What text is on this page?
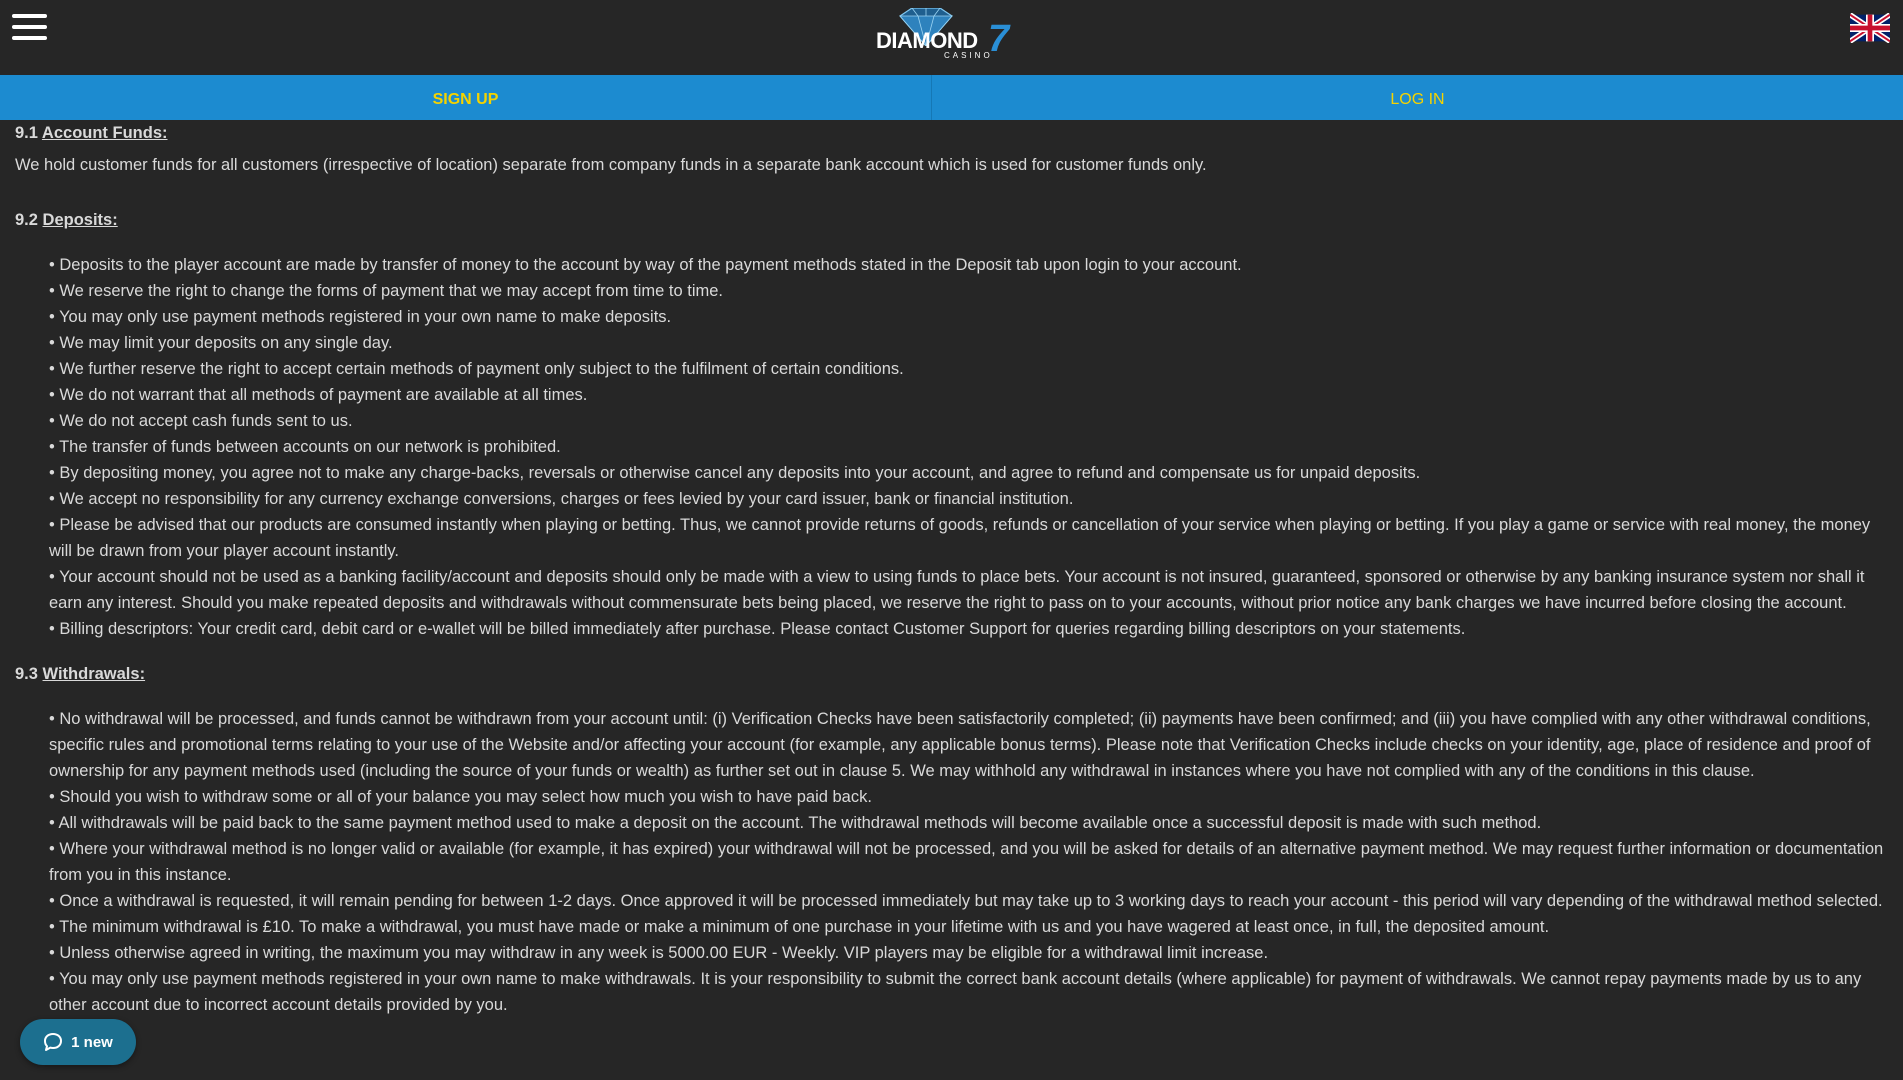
DIAMOND 7
CASINO
SIGN UP	LOG IN

9.1 Account Funds:

We hold customer funds for all customers (irrespective of location) separate from company funds in a separate bank account which is used for customer funds only.

9.2 Deposits:

• Deposits to the player account are made by transfer of money to the account by way of the payment methods stated in the Deposit tab upon login to your account.
• We reserve the right to change the forms of payment that we may accept from time to time.
• You may only use payment methods registered in your own name to make deposits.
• We may limit your deposits on any single day.
• We further reserve the right to accept certain methods of payment only subject to the fulfilment of certain conditions.
• We do not warrant that all methods of payment are available at all times.
• We do not accept cash funds sent to us.
• The transfer of funds between accounts on our network is prohibited.
• By depositing money, you agree not to make any charge-backs, reversals or otherwise cancel any deposits into your account, and agree to refund and compensate us for unpaid deposits.
• We accept no responsibility for any currency exchange conversions, charges or fees levied by your card issuer, bank or financial institution.
• Please be advised that our products are consumed instantly when playing or betting. Thus, we cannot provide returns of goods, refunds or cancellation of your service when playing or betting. If you play a game or service with real money, the money will be drawn from your player account instantly.
• Your account should not be used as a banking facility/account and deposits should only be made with a view to using funds to place bets. Your account is not insured, guaranteed, sponsored or otherwise by any banking insurance system nor shall it earn any interest. Should you make repeated deposits and withdrawals without commensurate bets being placed, we reserve the right to pass on to your accounts, without prior notice any bank charges we have incurred before closing the account.
• Billing descriptors: Your credit card, debit card or e-wallet will be billed immediately after purchase. Please contact Customer Support for queries regarding billing descriptors on your statements.

9.3 Withdrawals:

• No withdrawal will be processed, and funds cannot be withdrawn from your account until: (i) Verification Checks have been satisfactorily completed; (ii) payments have been confirmed; and (iii) you have complied with any other withdrawal conditions, specific rules and promotional terms relating to your use of the Website and/or affecting your account (for example, any applicable bonus terms). Please note that Verification Checks include checks on your identity, age, place of residence and proof of ownership for any payment methods used (including the source of your funds or wealth) as further set out in clause 5. We may withhold any withdrawal in instances where you have not complied with any of the conditions in this clause.
• Should you wish to withdraw some or all of your balance you may select how much you wish to have paid back.
• All withdrawals will be paid back to the same payment method used to make a deposit on the account. The withdrawal methods will become available once a successful deposit is made with such method.
• Where your withdrawal method is no longer valid or available (for example, it has expired) your withdrawal will not be processed, and you will be asked for details of an alternative payment method. We may request further information or documentation from you in this instance.
• Once a withdrawal is requested, it will remain pending for between 1-2 days. Once approved it will be processed immediately but may take up to 3 working days to reach your account - this period will vary depending of the withdrawal method selected.
• The minimum withdrawal is £10. To make a withdrawal, you must have made or make a minimum of one purchase in your lifetime with us and you have wagered at least once, in full, the deposited amount.
• Unless otherwise agreed in writing, the maximum you may withdraw in any week is 5000.00 EUR - Weekly. VIP players may be eligible for a withdrawal limit increase.
• You may only use payment methods registered in your own name to make withdrawals. It is your responsibility to submit the correct bank account details (where applicable) for payment of withdrawals. We cannot repay payments made by us to any other account due to incorrect account details provided by you.
1 new
